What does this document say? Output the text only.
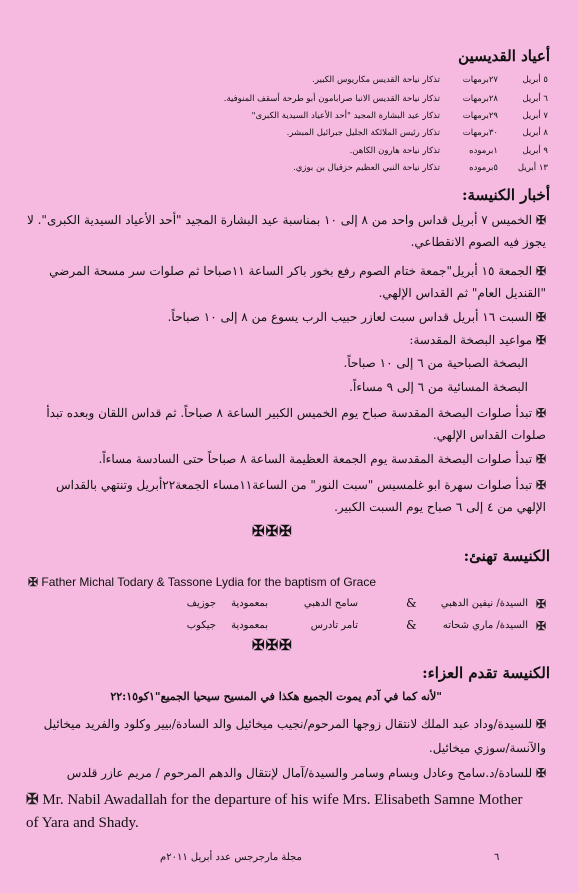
أعياد القديسين
٥ أبريل
٢٧برمهات
تذكار نياحة القديس مكاريوس الكبير.
٦ أبريل
٢٨برمهات
تذكار نياحة القديس الانبا صرابامون أبو طرحة أسقف المنوفية.
٧ أبريل
٢٩برمهات
تذكار عيد البشارة المجيد "أحد الأعياد السيدية الكبرى"
٨ أبريل
٣٠برمهات
تذكار رئيس الملائكة الجليل جبرائيل المبشر.
٩ أبريل
١برموده
تذكار نياحة هارون الكاهن.
١٣ أبريل
٥برموده
تذكار نياحة النبي العظيم حزقيال بن بوزي.
أخبار الكنيسة:
✠ الخميس ٧ أبريل قداس واحد من ٨ إلى ١٠ بمناسبة عيد البشارة المجيد "أحد الأعياد السيدية الكبرى". لا يجوز فيه الصوم الانقطاعي.
✠ الجمعة ١٥ أبريل"جمعة ختام الصوم رفع بخور باكر الساعة ١١صباحا ثم صلوات سر مسحة المرضي "القنديل العام" ثم القداس الإلهي.
✠ السبت ١٦ أبريل قداس سبت لعازر حبيب الرب يسوع من ٨ إلى ١٠ صباحاً.
✠ مواعيد البصخة المقدسة:
البصخة الصباحية من ٦ إلى ١٠ صباحاً.
البصخة المسائية من ٦ إلى ٩ مساءاً.
✠ تبدأ صلوات البصخة المقدسة صباح يوم الخميس الكبير الساعة ٨ صباحاً. ثم قداس اللقان وبعده تبدأ صلوات القداس الإلهي.
✠ تبدأ صلوات البصخة المقدسة يوم الجمعة العظيمة الساعة ٨ صباحاً حتى السادسة مساءاً.
✠ تبدأ صلوات سهرة ابو غلمسيس "سبت النور" من الساعة١١مساء الجمعة٢٢أبريل وتنتهي بالقداس الإلهي من ٤ إلى ٦ صباح يوم السبت الكبير.
✠✠✠
الكنيسة تهنئ:
✠ Father Michal Todary & Tassone Lydia for the baptism of Grace
✠
السيدة/ نيفين الدهبي
&
سامح الدهبي
بمعمودية
جوزيف
✠
السيدة/ ماري شحاته
&
تامر تادرس
بمعمودية
جيكوب
✠✠✠
الكنيسة تقدم العزاء:
"لأنه كما في آدم يموت الجميع هكذا في المسيح سيحيا الجميع"١كو٢٢:١٥
✠ للسيدة/وداد عبد الملك لانتقال زوجها المرحوم/نجيب ميخائيل والد السادة/بيير وكلود والفريد ميخائيل والآنسة/سوزي ميخائيل.
✠ للسادة/د.سامح وعادل وبسام وسامر والسيدة/آمال لإنتقال والدهم المرحوم / مريم عازر قلدس
✠ Mr. Nabil Awadallah for the departure of his wife Mrs. Elisabeth Samne Mother of Yara and Shady.
٦
مجلة مارجرجس عدد أبريل ٢٠١١م
